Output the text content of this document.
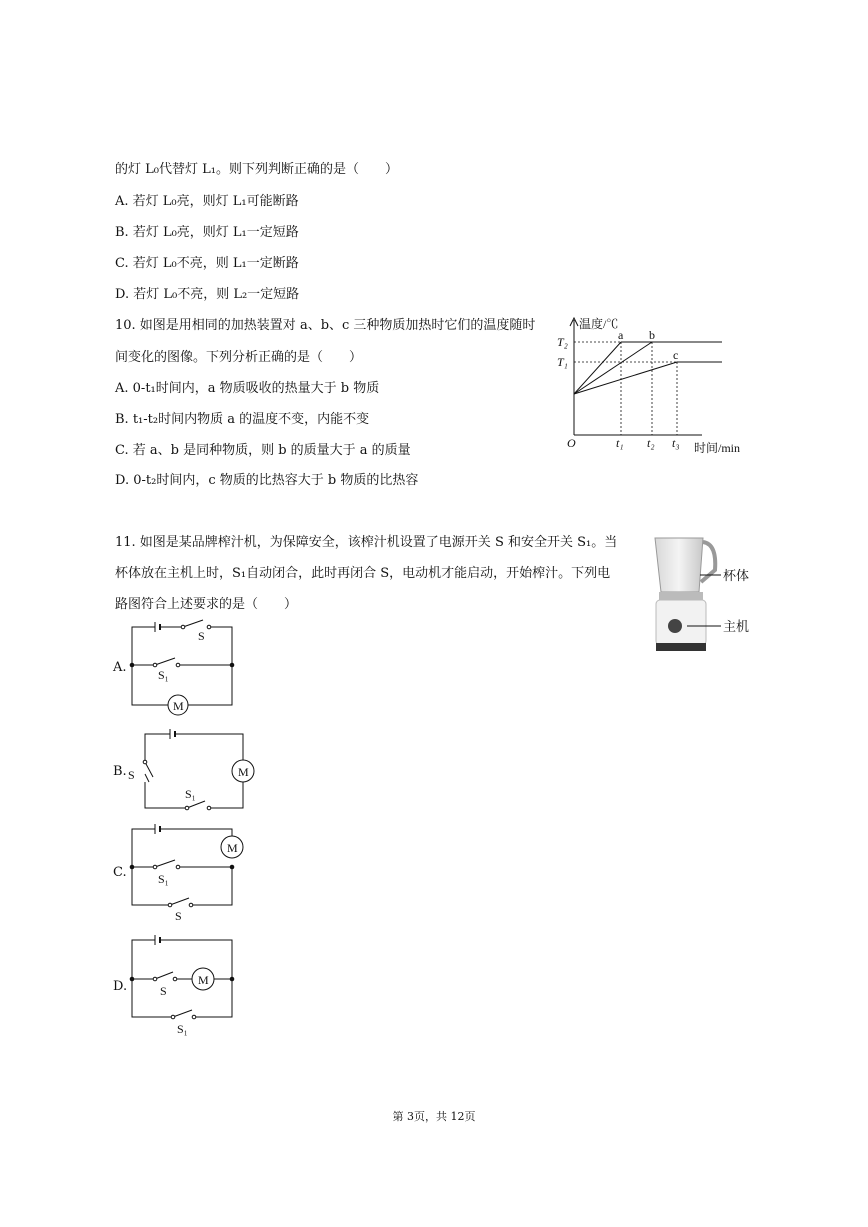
的灯 L₀代替灯 L₁。则下列判断正确的是（　　）
A. 若灯 L₀亮，则灯 L₁可能断路
B. 若灯 L₀亮，则灯 L₁一定短路
C. 若灯 L₀不亮，则 L₁一定断路
D. 若灯 L₀不亮，则 L₂一定短路
10. 如图是用相同的加热装置对 a、b、c 三种物质加热时它们的温度随时
间变化的图像。下列分析正确的是（　　）
A. 0-t₁时间内，a 物质吸收的热量大于 b 物质
B. t₁-t₂时间内物质 a 的温度不变，内能不变
C. 若 a、b 是同种物质，则 b 的质量大于 a 的质量
D. 0-t₂时间内，c 物质的比热容大于 b 物质的比热容
温度/℃
时间/min
O
T₂
T₁
t₁ t₂ t₃
a b
c
11. 如图是某品牌榨汁机，为保障安全，该榨汁机设置了电源开关 S 和安全开关 S₁。当
杯体放在主机上时，S₁自动闭合，此时再闭合 S，电动机才能启动，开始榨汁。下列电
路图符合上述要求的是（　　）
杯体
主机
A.
S
S₁
M
B. S
S₁
M
C.	S₁
S
M
D.	S
S₁
M
第 3页，共 12页
